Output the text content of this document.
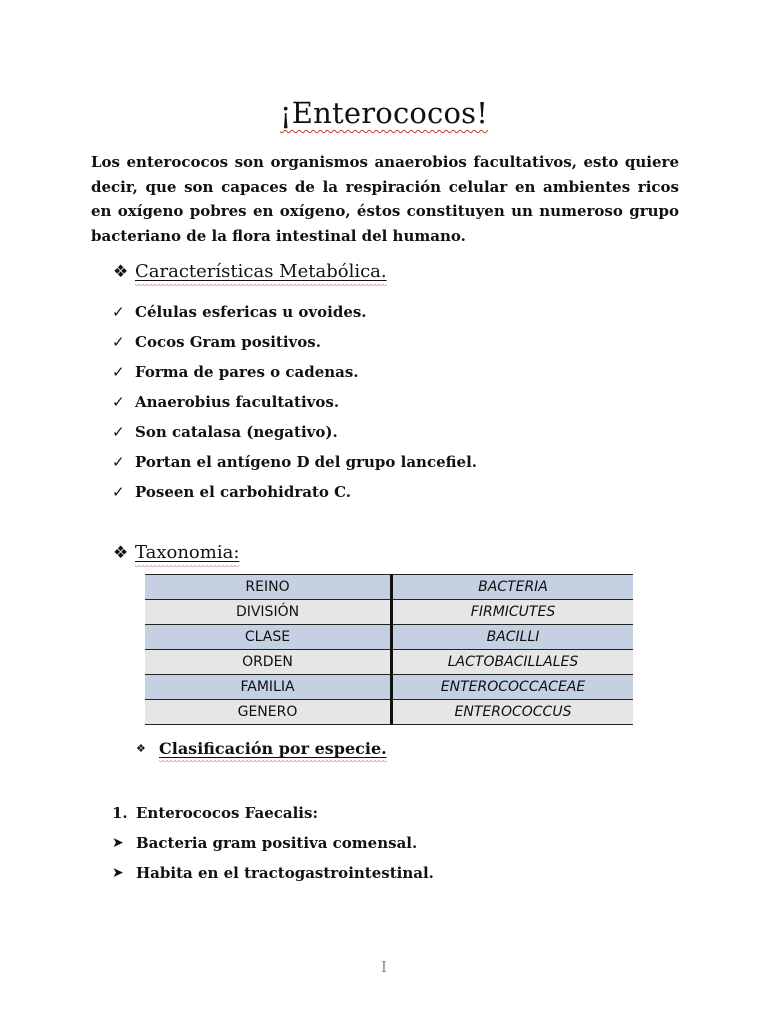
¡Enterococos!

Los enterococos son organismos anaerobios facultativos, esto quiere decir, que son capaces de la respiración celular en ambientes ricos en oxígeno pobres en oxígeno, éstos constituyen un numeroso grupo bacteriano de la flora intestinal del humano.

❖ Características Metabólica.
✓ Células esfericas u ovoides.
✓ Cocos Gram positivos.
✓ Forma de pares o cadenas.
✓ Anaerobius facultativos.
✓ Son catalasa (negativo).
✓ Portan el antígeno D del grupo lancefiel.
✓ Poseen el carbohidrato C.
❖ Taxonomia:
REINO	BACTERIA
DIVISIÓN	FIRMICUTES
CLASE	BACILLI
ORDEN	LACTOBACILLALES
FAMILIA	ENTEROCOCCACEAE
GENERO	ENTEROCOCCUS
❖ Clasificación por especie.
1. Enterococos Faecalis:
➤ Bacteria gram positiva comensal.
➤ Habita en el tractogastrointestinal.
I
